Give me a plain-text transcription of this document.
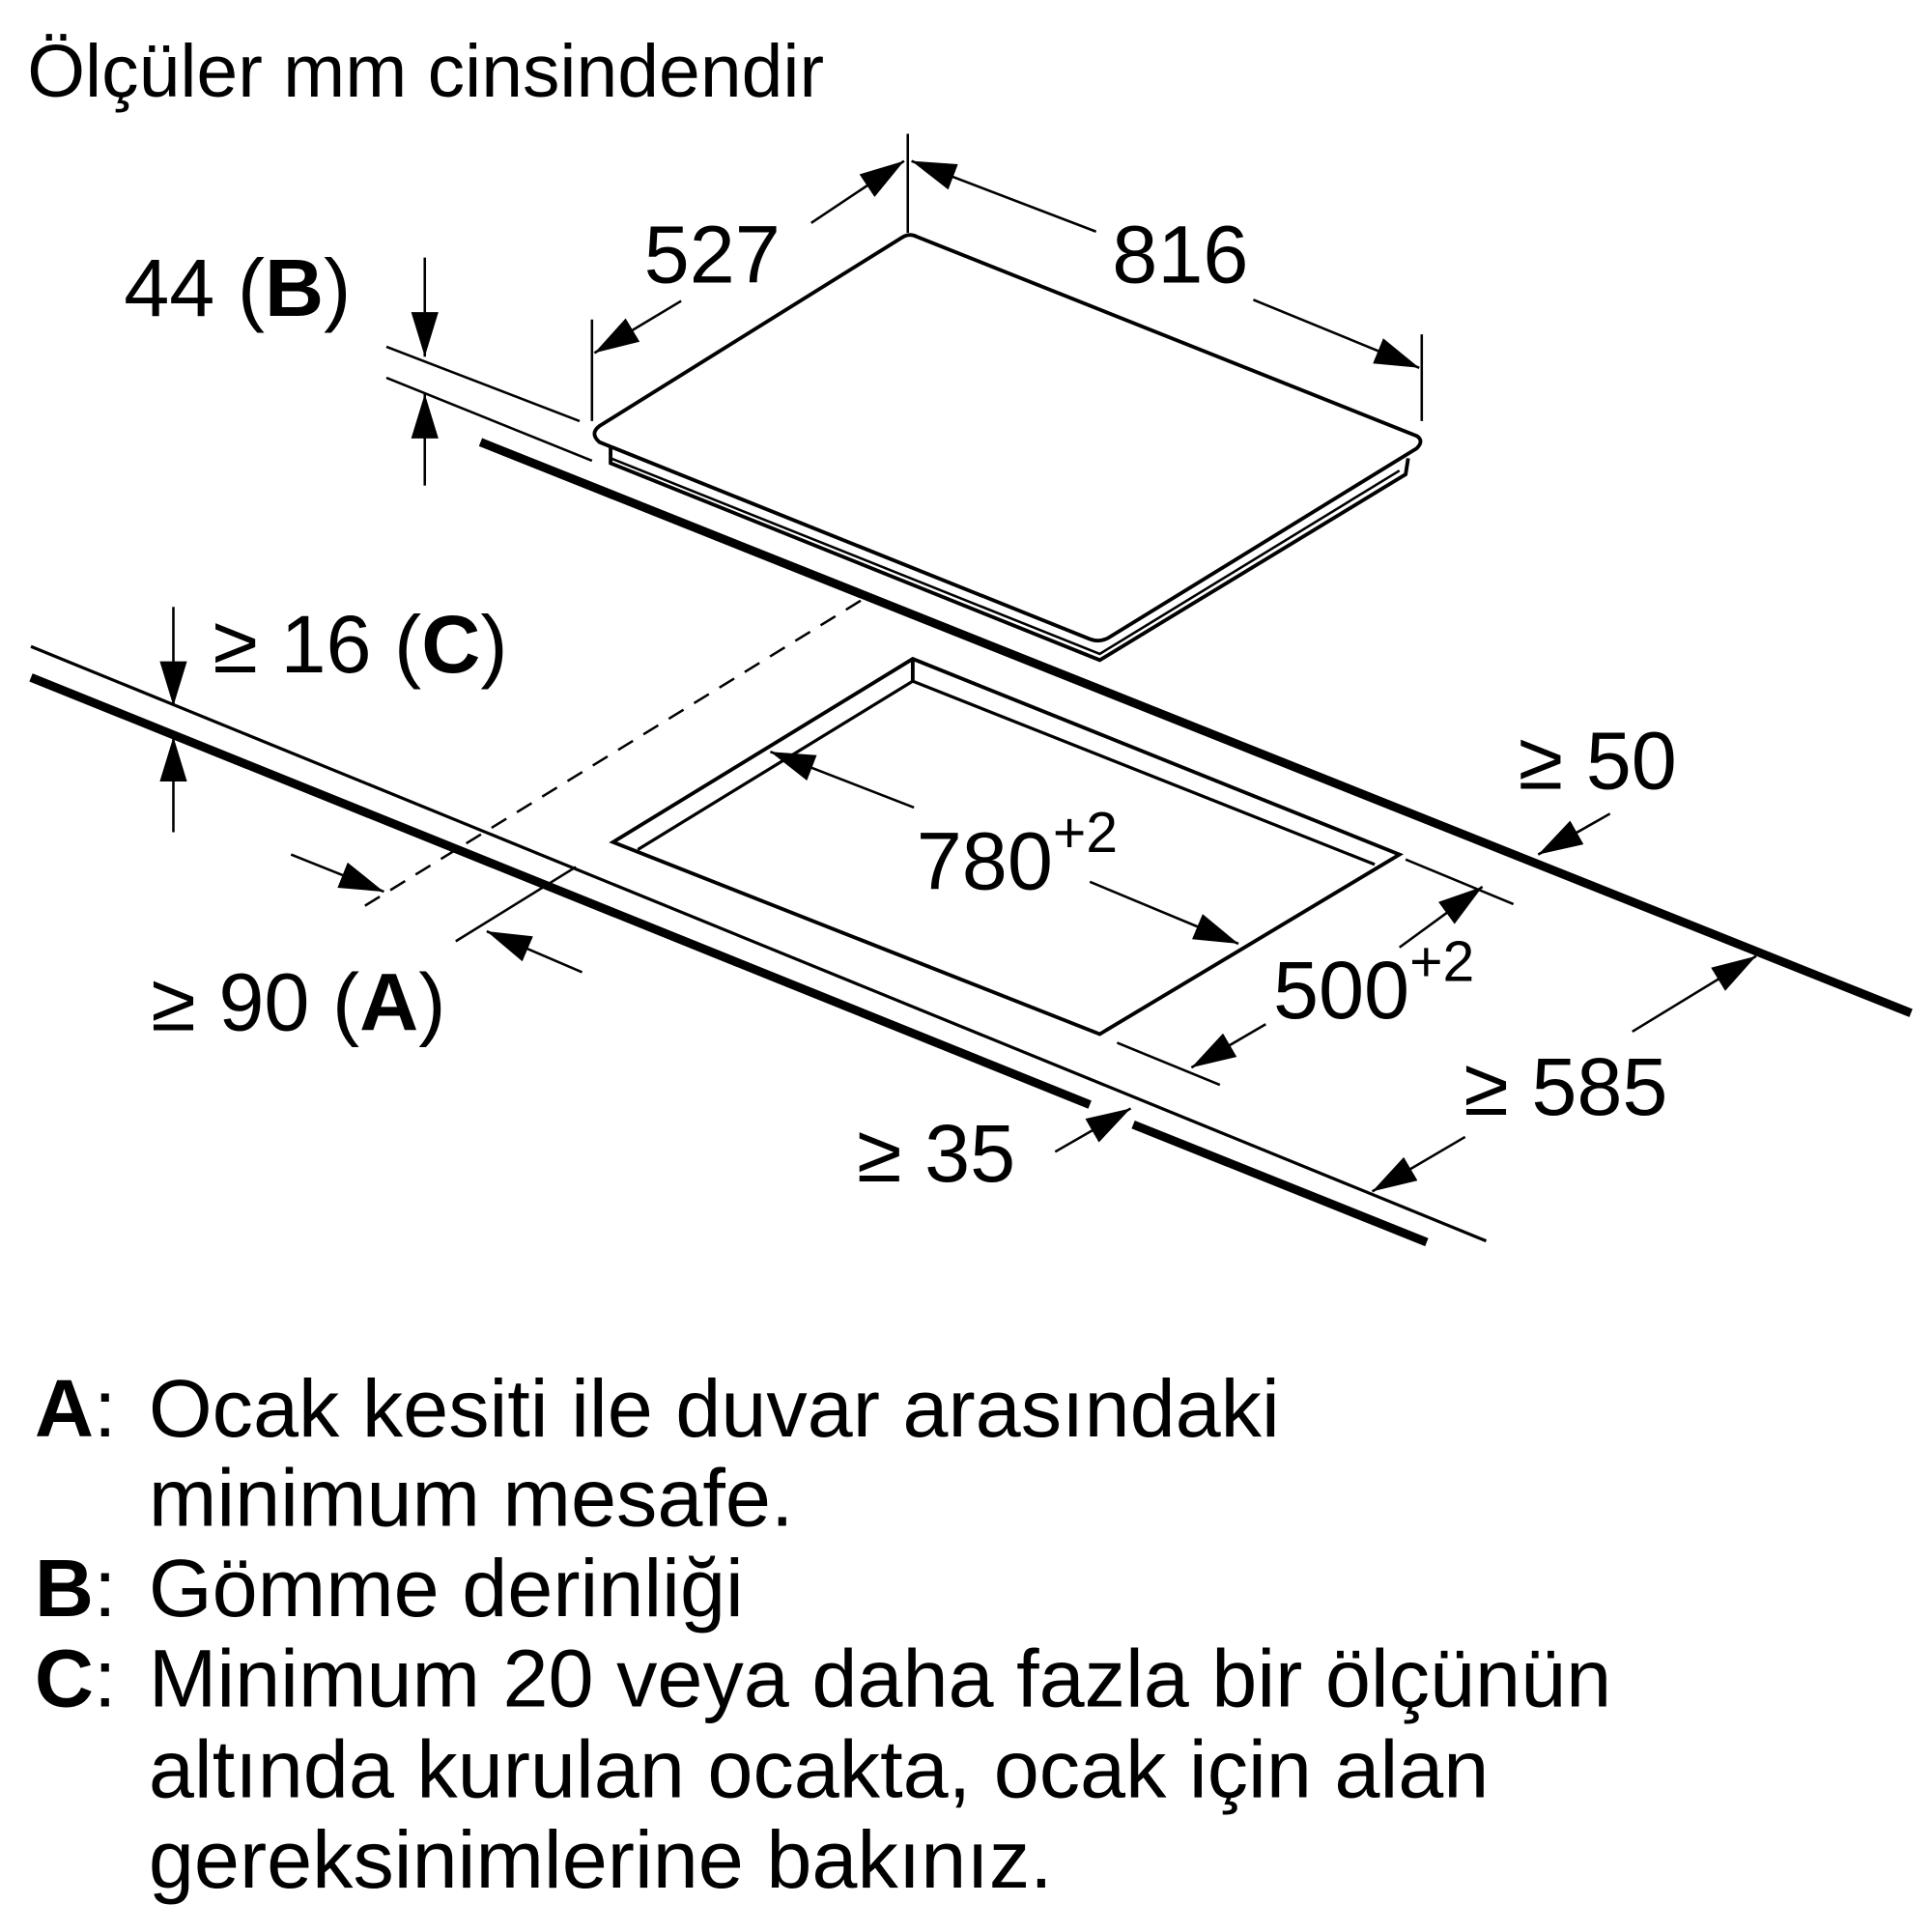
Ölçüler mm cinsindendir
527	816
44 (B)
≥ 16 (C)
$780^{+2}$
$500^{+2}$
≥ 50
≥ 90 (A)
≥ 35
≥ 585
A: Ocak kesiti ile duvar arasındaki
minimum mesafe.
B: Gömme derinliği
C: Minimum 20 veya daha fazla bir ölçünün
altında kurulan ocakta, ocak için alan
gereksinimlerine bakınız.
